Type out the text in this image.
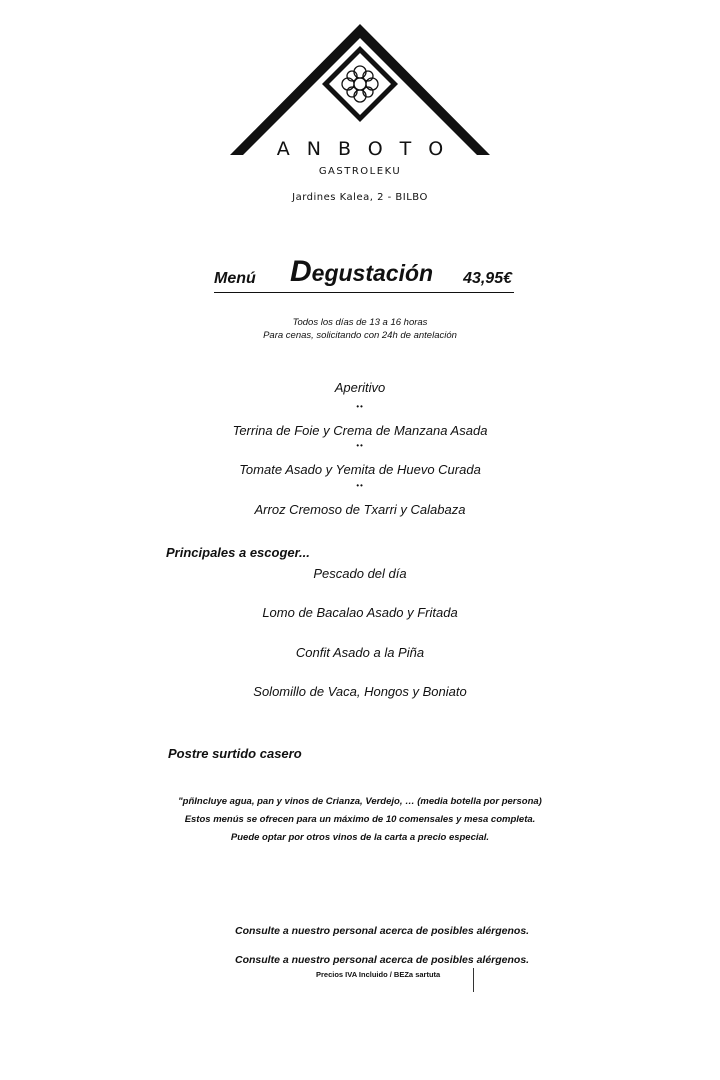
ANBOTO
GASTROLEKU
Jardines Kalea, 2 - BILBO
Menú Degustación 43,95€
Todos los días de 13 a 16 horas
Para cenas, solicitando con 24h de antelación
Aperitivo
••
Terrina de Foie y Crema de Manzana Asada
••
Tomate Asado y Yemita de Huevo Curada
••
Arroz Cremoso de Txarri y Calabaza
Principales a escoger...
Pescado del día
Lomo de Bacalao Asado y Fritada
Confit Asado a la Piña
Solomillo de Vaca, Hongos y Boniato
Postre surtido casero
"pñIncluye agua, pan y vinos de Crianza, Verdejo, … (media botella por persona)
Estos menús se ofrecen para un máximo de 10 comensales y mesa completa.
Puede optar por otros vinos de la carta a precio especial.
Consulte a nuestro personal acerca de posibles alérgenos.
Consulte a nuestro personal acerca de posibles alérgenos.
Precios IVA Incluido / BEZa sartuta
